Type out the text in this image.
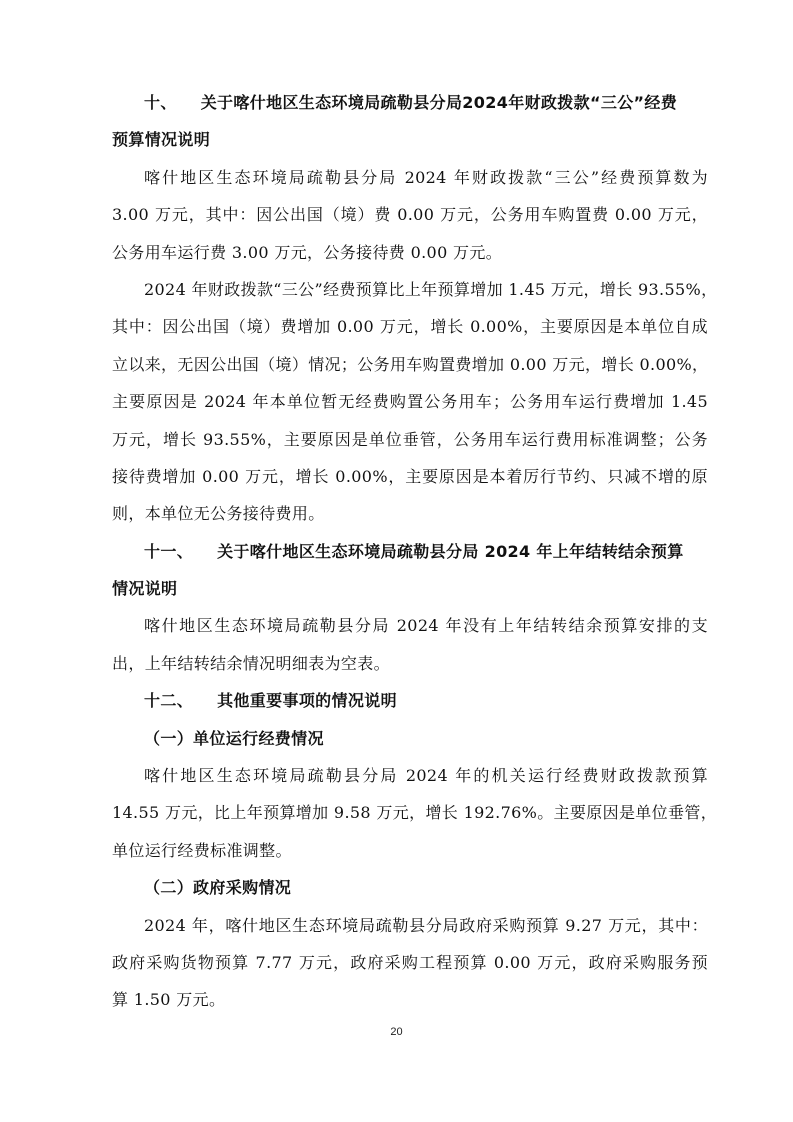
十、 关于喀什地区生态环境局疏勒县分局2024年财政拨款“三公”经费
预算情况说明
喀什地区生态环境局疏勒县分局 2024 年财政拨款“三公”经费预算数为
3.00 万元，其中：因公出国（境）费 0.00 万元，公务用车购置费 0.00 万元，
公务用车运行费 3.00 万元，公务接待费 0.00 万元。
2024 年财政拨款“三公”经费预算比上年预算增加 1.45 万元，增长 93.55%，
其中：因公出国（境）费增加 0.00 万元，增长 0.00%，主要原因是本单位自成
立以来，无因公出国（境）情况；公务用车购置费增加 0.00 万元，增长 0.00%，
主要原因是 2024 年本单位暂无经费购置公务用车；公务用车运行费增加 1.45
万元，增长 93.55%，主要原因是单位垂管，公务用车运行费用标准调整；公务
接待费增加 0.00 万元，增长 0.00%，主要原因是本着厉行节约、只减不增的原
则，本单位无公务接待费用。
十一、 关于喀什地区生态环境局疏勒县分局 2024 年上年结转结余预算
情况说明
喀什地区生态环境局疏勒县分局 2024 年没有上年结转结余预算安排的支
出，上年结转结余情况明细表为空表。
十二、 其他重要事项的情况说明
（一）单位运行经费情况
喀什地区生态环境局疏勒县分局 2024 年的机关运行经费财政拨款预算
14.55 万元，比上年预算增加 9.58 万元，增长 192.76%。主要原因是单位垂管，
单位运行经费标准调整。
（二）政府采购情况
2024 年，喀什地区生态环境局疏勒县分局政府采购预算 9.27 万元，其中：
政府采购货物预算 7.77 万元，政府采购工程预算 0.00 万元，政府采购服务预
算 1.50 万元。
20
